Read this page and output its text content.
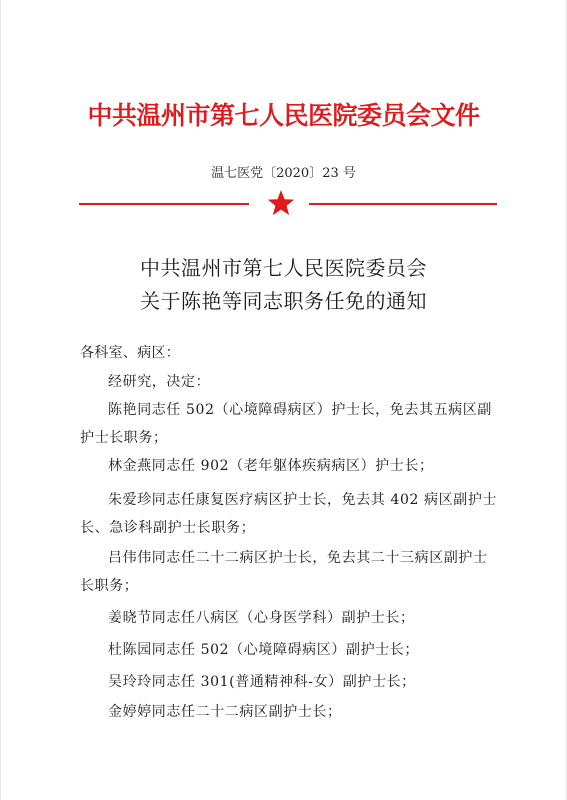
中共温州市第七人民医院委员会文件
温七医党〔2020〕23 号
中共温州市第七人民医院委员会
关于陈艳等同志职务任免的通知
各科室、病区：
经研究，决定：
陈艳同志任 502（心境障碍病区）护士长，免去其五病区副护士长职务；
林金燕同志任 902（老年躯体疾病病区）护士长；
朱爱珍同志任康复医疗病区护士长，免去其 402 病区副护士长、急诊科副护士长职务；
吕伟伟同志任二十二病区护士长，免去其二十三病区副护士长职务；
姜晓节同志任八病区（心身医学科）副护士长；
杜陈园同志任 502（心境障碍病区）副护士长；
吴玲玲同志任 301(普通精神科-女）副护士长；
金婷婷同志任二十二病区副护士长；
